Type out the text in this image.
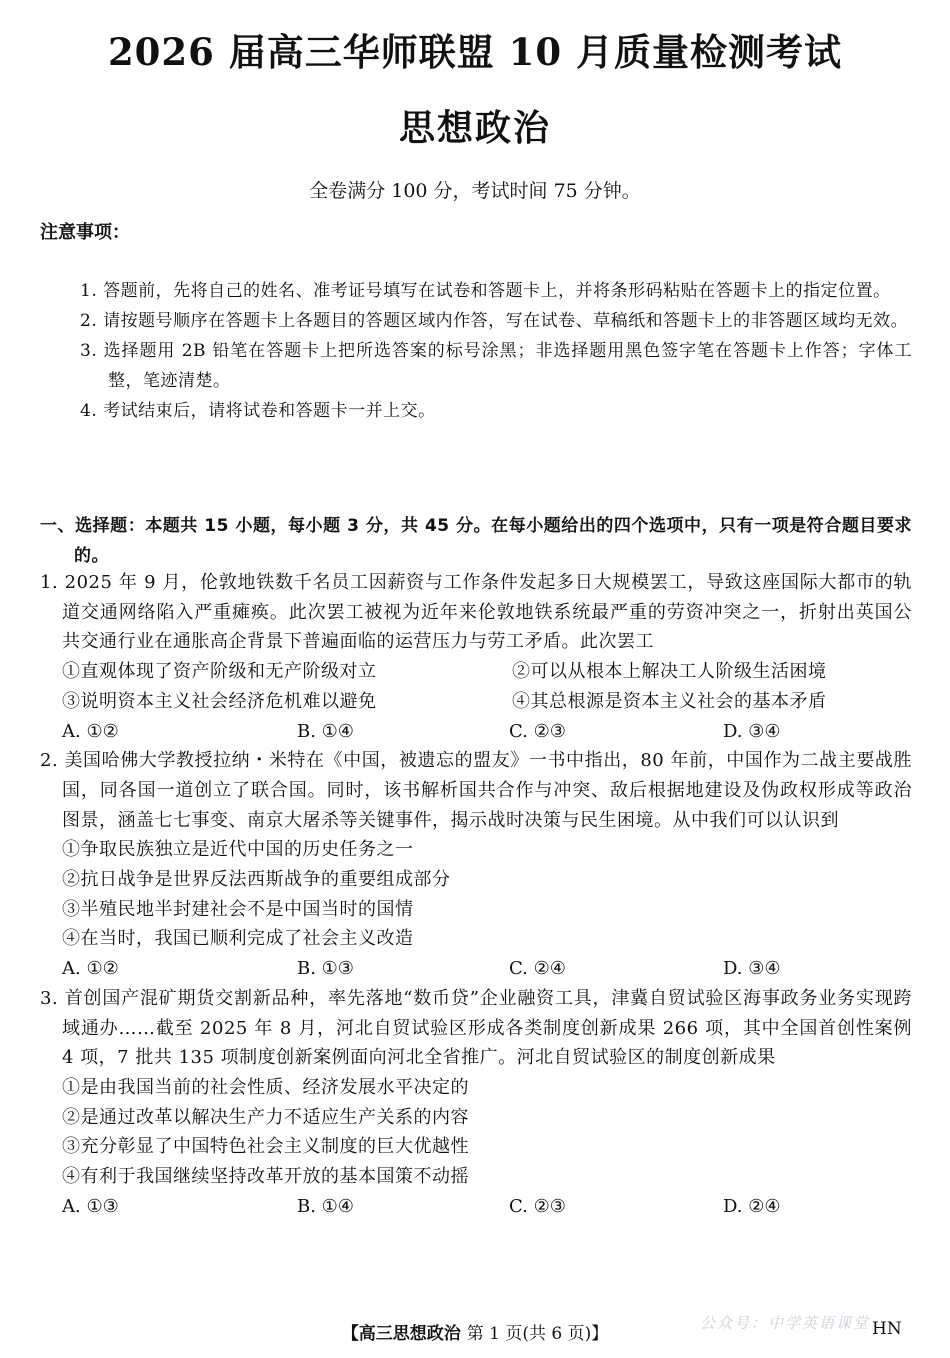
2026 届高三华师联盟 10 月质量检测考试
思想政治
全卷满分 100 分，考试时间 75 分钟。
注意事项：
1. 答题前，先将自己的姓名、准考证号填写在试卷和答题卡上，并将条形码粘贴在答题卡上的指定位置。
2. 请按题号顺序在答题卡上各题目的答题区域内作答，写在试卷、草稿纸和答题卡上的非答题区域均无效。
3. 选择题用 2B 铅笔在答题卡上把所选答案的标号涂黑；非选择题用黑色签字笔在答题卡上作答；字体工整，笔迹清楚。
4. 考试结束后，请将试卷和答题卡一并上交。
一、选择题：本题共 15 小题，每小题 3 分，共 45 分。在每小题给出的四个选项中，只有一项是符合题目要求的。
1. 2025 年 9 月，伦敦地铁数千名员工因薪资与工作条件发起多日大规模罢工，导致这座国际大都市的轨道交通网络陷入严重瘫痪。此次罢工被视为近年来伦敦地铁系统最严重的劳资冲突之一，折射出英国公共交通行业在通胀高企背景下普遍面临的运营压力与劳工矛盾。此次罢工
①直观体现了资产阶级和无产阶级对立	②可以从根本上解决工人阶级生活困境
③说明资本主义社会经济危机难以避免	④其总根源是资本主义社会的基本矛盾
A. ①②	B. ①④	C. ②③	D. ③④
2. 美国哈佛大学教授拉纳・米特在《中国，被遗忘的盟友》一书中指出，80 年前，中国作为二战主要战胜国，同各国一道创立了联合国。同时，该书解析国共合作与冲突、敌后根据地建设及伪政权形成等政治图景，涵盖七七事变、南京大屠杀等关键事件，揭示战时决策与民生困境。从中我们可以认识到
①争取民族独立是近代中国的历史任务之一
②抗日战争是世界反法西斯战争的重要组成部分
③半殖民地半封建社会不是中国当时的国情
④在当时，我国已顺利完成了社会主义改造
A. ①②	B. ①③	C. ②④	D. ③④
3. 首创国产混矿期货交割新品种，率先落地“数币贷”企业融资工具，津冀自贸试验区海事政务业务实现跨域通办……截至 2025 年 8 月，河北自贸试验区形成各类制度创新成果 266 项，其中全国首创性案例 4 项，7 批共 135 项制度创新案例面向河北全省推广。河北自贸试验区的制度创新成果
①是由我国当前的社会性质、经济发展水平决定的
②是通过改革以解决生产力不适应生产关系的内容
③充分彰显了中国特色社会主义制度的巨大优越性
④有利于我国继续坚持改革开放的基本国策不动摇
A. ①③	B. ①④	C. ②③	D. ②④
【高三思想政治 第 1 页(共 6 页)】
公众号：中学英语课堂 HN
